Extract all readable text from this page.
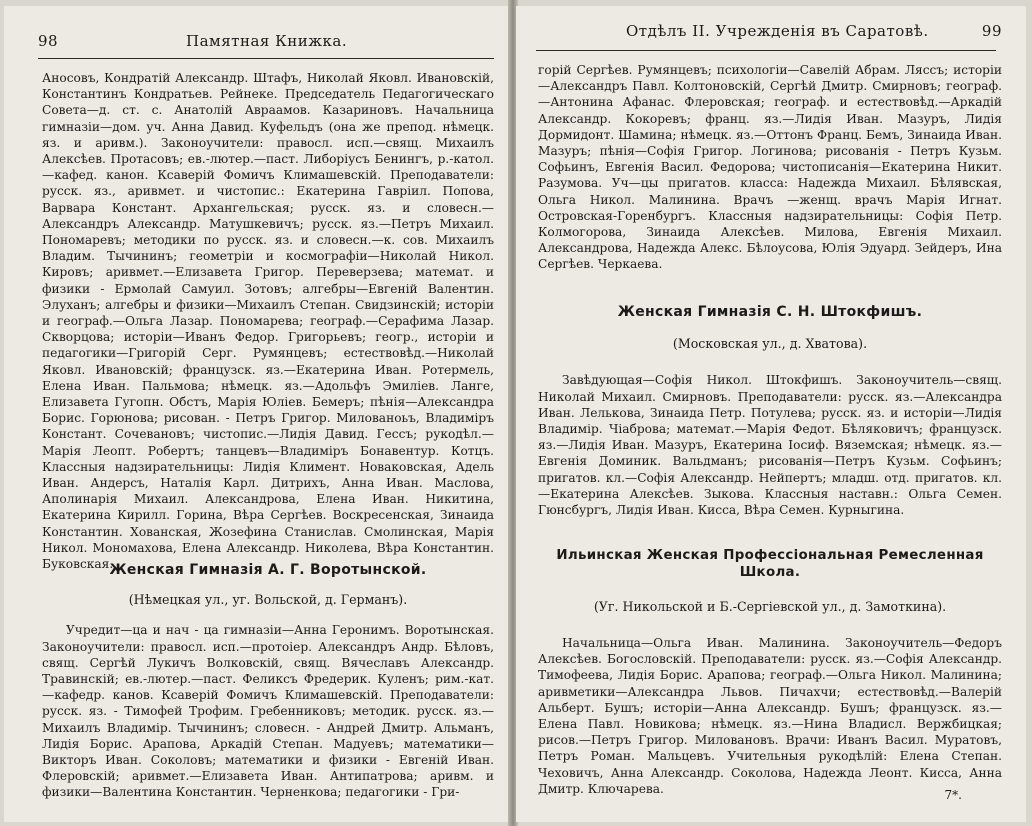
98	Памятная Книжка.

Аносовъ, Кондратій Александр. Штафъ, Николай Яковл. Ивановскій, Константинъ Кондратьев. Рейнеке. Председатель Педагогическаго Совета—д. ст. с. Анатолій Авраамов. Казариновъ. Начальница гимназіи—дом. уч. Анна Давид. Куфельдъ (она же препод. нѣмецк. яз. и аривм.). Законоучители: правосл. исп.—свящ. Михаилъ Алексѣев. Протасовъ; ев.-лютер.—паст. Либоріусъ Бенингъ, р.-катол.—кафед. канон. Ксаверій Фомичъ Климашевскій. Преподаватели: русск. яз., аривмет. и чистопис.: Екатерина Гавріил. Попова, Варвара Констант. Архангельская; русск. яз. и словесн.—Александръ Александр. Матушкевичъ; русск. яз.—Петръ Михаил. Пономаревъ; методики по русск. яз. и словесн.—к. сов. Михаилъ Владим. Тычининъ; геометріи и космографіи—Николай Никол. Кировъ; аривмет.—Елизавета Григор. Переверзева; математ. и физики - Ермолай Самуил. Зотовъ; алгебры—Евгеній Валентин. Элуханъ; алгебры и физики—Михаилъ Степан. Свидзинскій; исторіи и географ.—Ольга Лазар. Пономарева; географ.—Серафима Лазар. Скворцова; исторіи—Иванъ Федор. Григорьевъ; геогр., исторіи и педагогики—Григорій Серг. Румянцевъ; естествовѣд.—Николай Яковл. Ивановскій; французск. яз.—Екатерина Иван. Ротермель, Елена Иван. Пальмова; нѣмецк. яз.—Адольфъ Эмиліев. Ланге, Елизавета Гугопн. Обстъ, Марія Юліев. Бемеръ; пѣнія—Александра Борис. Горюнова; рисован. - Петръ Григор. Милованоьъ, Владиміръ Констант. Сочевановъ; чистопис.—Лидія Давид. Гессъ; рукодѣл.—Марія Леопт. Робертъ; танцевъ—Владиміръ Бонавентур. Котцъ. Классныя надзирательницы: Лидія Климент. Новаковская, Адель Иван. Андерсъ, Наталія Карл. Дитрихъ, Анна Иван. Маслова, Аполинарія Михаил. Александрова, Елена Иван. Никитина, Екатерина Кирилл. Горина, Вѣра Сергѣев. Воскресенская, Зинаида Константин. Хованская, Жозефина Станислав. Смолинская, Марія Никол. Мономахова, Елена Александр. Николева, Вѣра Константин. Буковская.

Женская Гимназія А. Г. Воротынской.
(Нѣмецкая ул., уг. Вольской, д. Германъ).

Учредит—ца и нач - ца гимназіи—Анна Геронимъ. Воротынская. Законоучители: правосл. исп.—протоіер. Александръ Андр. Бѣловъ, свящ. Сергѣй Лукичъ Волковскій, свящ. Вячеславъ Александр. Травинскій; ев.-лютер.—паст. Феликсъ Фредерик. Куленъ; рим.-кат.—кафедр. канов. Ксаверій Фомичъ Климашевскій. Преподаватели: русск. яз. - Тимофей Трофим. Гребенниковъ; методик. русск. яз.—Михаилъ Владимір. Тычининъ; словесн. - Андрей Дмитр. Альманъ, Лидія Борис. Арапова, Аркадій Степан. Мадуевъ; математики—Викторъ Иван. Соколовъ; математики и физики - Евгеній Иван. Флеровскій; аривмет.—Елизавета Иван. Антипатрова; аривм. и физики—Валентина Константин. Черненкова; педагогики - Гри-

Отдѣлъ II. Учрежденія въ Саратовѣ.	99

горій Сергѣев. Румянцевъ; психологіи—Савелій Абрам. Ляссъ; исторіи—Александръ Павл. Колтоновскій, Сергѣй Дмитр. Смирновъ; географ.—Антонина Афанас. Флеровская; географ. и естествовѣд.—Аркадій Александр. Кокоревъ; франц. яз.—Лидія Иван. Мазуръ, Лидія Дормидонт. Шамина; нѣмецк. яз.—Оттонъ Франц. Бемъ, Зинаида Иван. Мазуръ; пѣнія—Софія Григор. Логинова; рисованія - Петръ Кузьм. Софьинъ, Евгенія Васил. Федорова; чистописанія—Екатерина Никит. Разумова. Уч—цы пригатов. класса: Надежда Михаил. Бѣлявская, Ольга Никол. Малинина. Врачъ —женщ. врачъ Марія Игнат. Островская-Горенбургъ. Классныя надзирательницы: Софія Петр. Колмогорова, Зинаида Алексѣев. Милова, Евгенія Михаил. Александрова, Надежда Алекс. Бѣлоусова, Юлія Эдуард. Зейдеръ, Ина Сергѣев. Черкаева.

Женская Гимназія С. Н. Штокфишъ.
(Московская ул., д. Хватова).

Завѣдующая—Софія Никол. Штокфишъ. Законоучитель—свящ. Николай Михаил. Смирновъ. Преподаватели: русск. яз.—Александра Иван. Лелькова, Зинаида Петр. Потулева; русск. яз. и исторіи—Лидія Владимір. Чіаброва; математ.—Марія Федот. Бѣляковичъ; французск. яз.—Лидія Иван. Мазуръ, Екатерина Іосиф. Вяземская; нѣмецк. яз.—Евгенія Доминик. Вальдманъ; рисованія—Петръ Кузьм. Софьинъ; пригатов. кл.—Софія Александр. Нейпертъ; младш. отд. пригатов. кл.—Екатерина Алексѣев. Зыкова. Классныя наставн.: Ольга Семен. Гюнсбургъ, Лидія Иван. Кисса, Вѣра Семен. Курныгина.

Ильинская Женская Профессіональная Ремесленная Школа.
(Уг. Никольской и Б.-Сергіевской ул., д. Замоткина).

Начальница—Ольга Иван. Малинина. Законоучитель—Федоръ Алексѣев. Богословскій. Преподаватели: русск. яз.—Софія Александр. Тимофеева, Лидія Борис. Арапова; географ.—Ольга Никол. Малинина; аривметики—Александра Львов. Пичахчи; естествовѣд.—Валерій Альберт. Бушъ; исторіи—Анна Александр. Бушъ; французск. яз.—Елена Павл. Новикова; нѣмецк. яз.—Нина Владисл. Вержбицкая; рисов.—Петръ Григор. Миловановъ. Врачи: Иванъ Васил. Муратовъ, Петръ Роман. Мальцевъ. Учительныя рукодѣлій: Елена Степан. Чеховичъ, Анна Александр. Соколова, Надежда Леонт. Кисса, Анна Дмитр. Ключарева.	7*.
